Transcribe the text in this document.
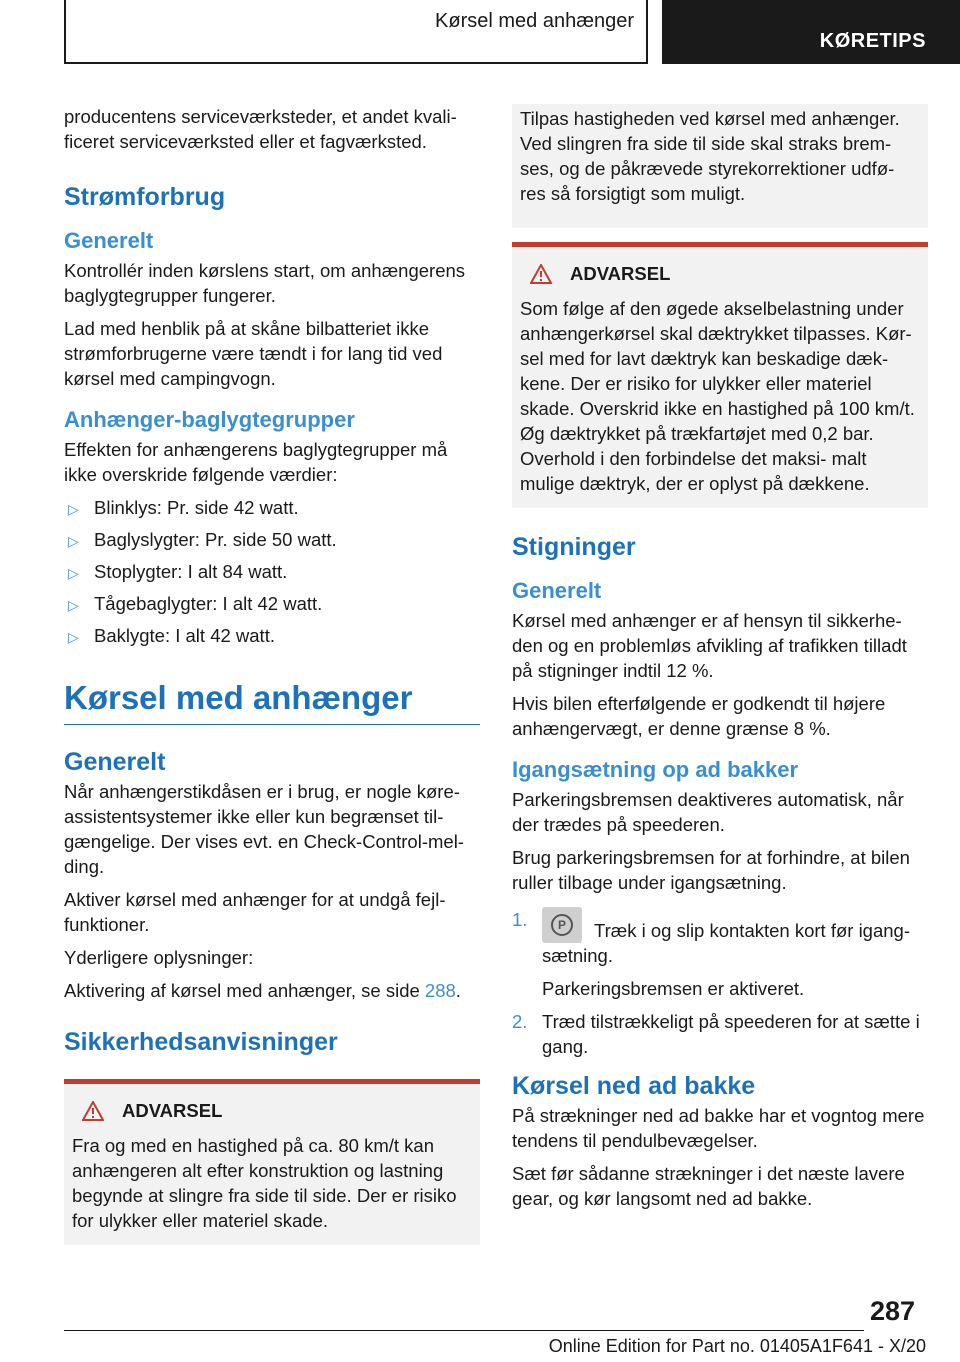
Kørsel med anhænger
KØRETIPS

producentens serviceværksteder, et andet kvali- ficeret serviceværksted eller et fagværksted.

Strømforbrug
Generelt

Kontrollér inden kørslens start, om anhængerens baglygtegrupper fungerer.

Lad med henblik på at skåne bilbatteriet ikke strømforbrugerne være tændt i for lang tid ved kørsel med campingvogn.

Anhænger-baglygtegrupper

Effekten for anhængerens baglygtegrupper må ikke overskride følgende værdier:

▷ Blinklys: Pr. side 42 watt.
▷ Baglyslygter: Pr. side 50 watt.
▷ Stoplygter: I alt 84 watt.
▷ Tågebaglygter: I alt 42 watt.
▷ Baklygte: I alt 42 watt.
Kørsel med anhænger
Generelt

Når anhængerstikdåsen er i brug, er nogle køre- assistentsystemer ikke eller kun begrænset til- gængelige. Der vises evt. en Check-Control-mel- ding.

Aktiver kørsel med anhænger for at undgå fejl- funktioner.

Yderligere oplysninger:

Aktivering af kørsel med anhænger, se side 288.

Sikkerhedsanvisninger

ADVARSEL

Fra og med en hastighed på ca. 80 km/t kan anhængeren alt efter konstruktion og lastning begynde at slingre fra side til side. Der er risiko for ulykker eller materiel skade.

Tilpas hastigheden ved kørsel med anhænger. Ved slingren fra side til side skal straks brem- ses, og de påkrævede styrekorrektioner udfø- res så forsigtigt som muligt.

ADVARSEL

Som følge af den øgede akselbelastning under anhængerkørsel skal dæktrykket tilpasses. Kør- sel med for lavt dæktryk kan beskadige dæk- kene. Der er risiko for ulykker eller materiel skade. Overskrid ikke en hastighed på 100 km/t. Øg dæktrykket på trækfartøjet med 0,2 bar. Overhold i den forbindelse det maksi- malt mulige dæktryk, der er oplyst på dækkene.

Stigninger
Generelt

Kørsel med anhænger er af hensyn til sikkerhe- den og en problemløs afvikling af trafikken tilladt på stigninger indtil 12 %.

Hvis bilen efterfølgende er godkendt til højere anhængervægt, er denne grænse 8 %.

Igangsætning op ad bakker

Parkeringsbremsen deaktiveres automatisk, når der trædes på speederen.

Brug parkeringsbremsen for at forhindre, at bilen ruller tilbage under igangsætning.

1.	P	Træk i og slip kontakten kort før igang- sætning.
Parkeringsbremsen er aktiveret.
2. Træd tilstrækkeligt på speederen for at sætte i gang.
Kørsel ned ad bakke

På strækninger ned ad bakke har et vogntog mere tendens til pendulbevægelser.

Sæt før sådanne strækninger i det næste lavere gear, og kør langsomt ned ad bakke.

287
Online Edition for Part no. 01405A1F641 - X/20
